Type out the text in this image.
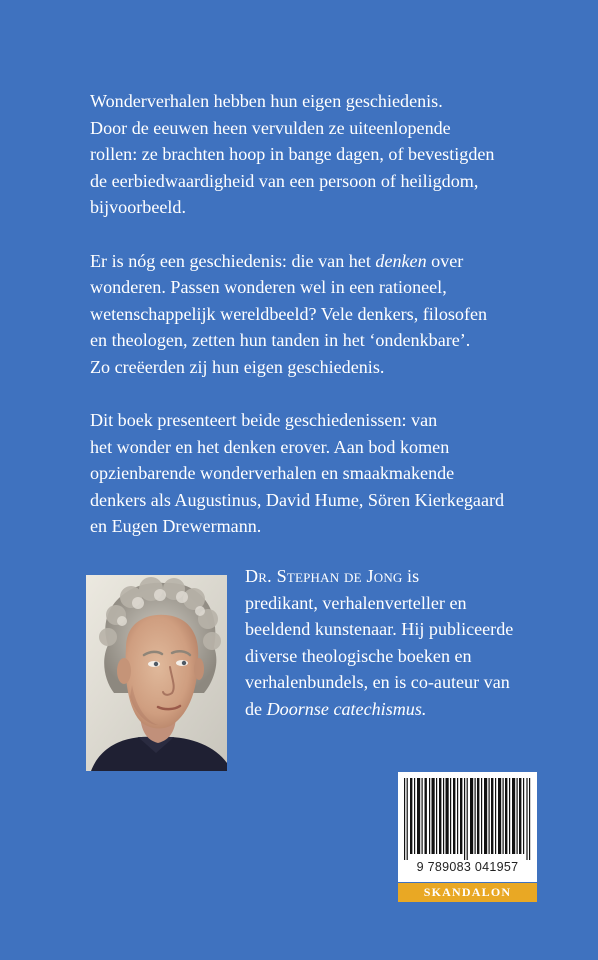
Wonderverhalen hebben hun eigen geschiedenis.
Door de eeuwen heen vervulden ze uiteenlopende
rollen: ze brachten hoop in bange dagen, of bevestigden
de eerbiedwaardigheid van een persoon of heiligdom,
bijvoorbeeld.

Er is nóg een geschiedenis: die van het denken over
wonderen. Passen wonderen wel in een rationeel,
wetenschappelijk wereldbeeld? Vele denkers, filosofen
en theologen, zetten hun tanden in het ‘ondenkbare’.
Zo creëerden zij hun eigen geschiedenis.

Dit boek presenteert beide geschiedenissen: van
het wonder en het denken erover. Aan bod komen
opzienbarende wonderverhalen en smaakmakende
denkers als Augustinus, David Hume, Sören Kierkegaard
en Eugen Drewermann.

Dr. Stephan de Jong is
predikant, verhalenverteller en
beeldend kunstenaar. Hij publiceerde
diverse theologische boeken en
verhalenbundels, en is co-auteur van
de Doornse catechismus.
9 789083 041957
SKANDALON
